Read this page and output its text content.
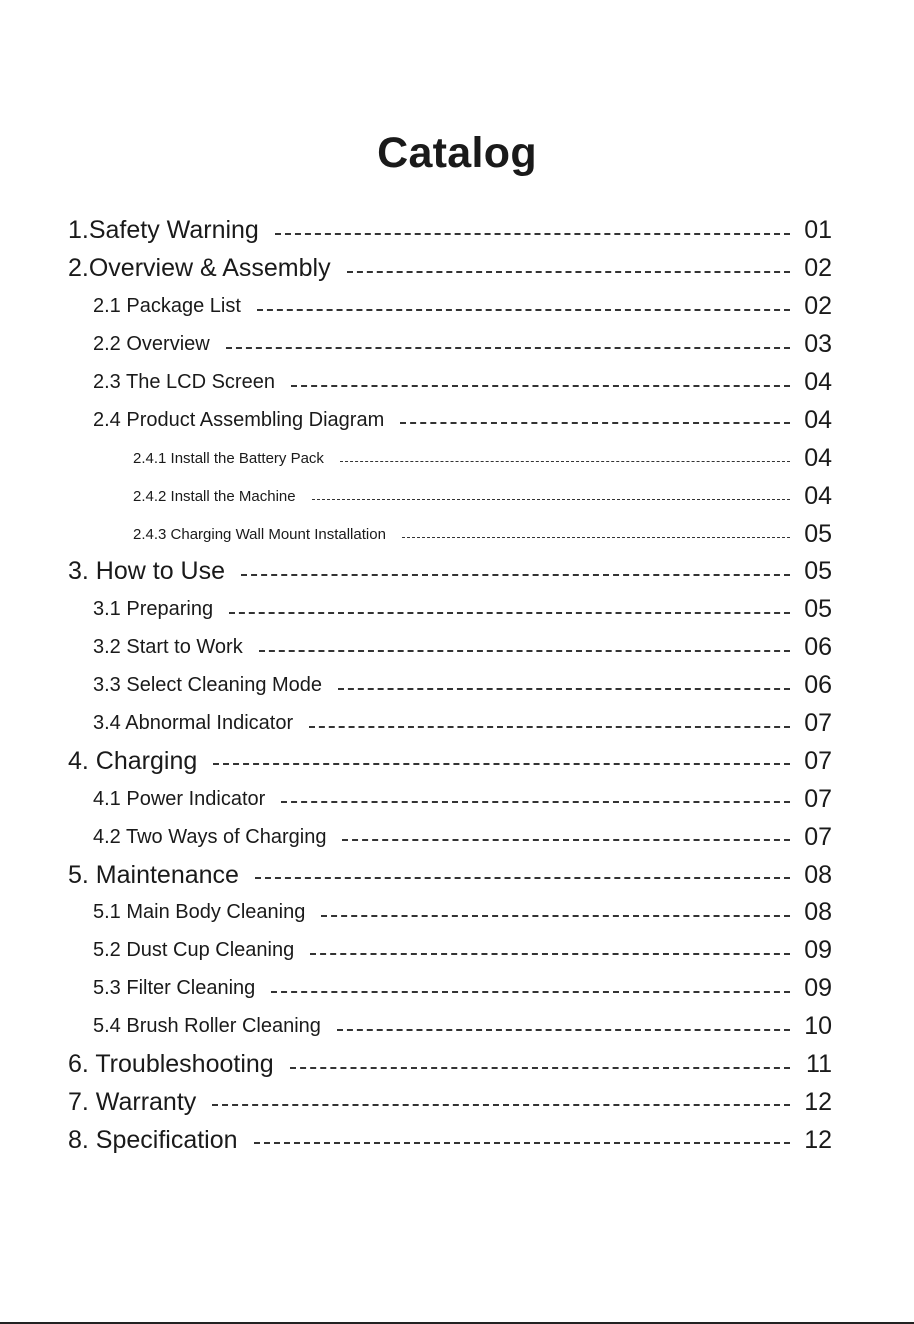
Catalog
1.Safety Warning	01
2.Overview & Assembly	02
2.1 Package List	02
2.2 Overview	03
2.3 The LCD Screen	04
2.4 Product Assembling Diagram	04
2.4.1 Install the Battery Pack	04
2.4.2 Install the Machine	04
2.4.3 Charging Wall Mount Installation	05
3. How to Use	05
3.1 Preparing	05
3.2 Start to Work	06
3.3 Select Cleaning Mode	06
3.4 Abnormal Indicator	07
4. Charging	07
4.1 Power Indicator	07
4.2 Two Ways of Charging	07
5. Maintenance	08
5.1 Main Body Cleaning	08
5.2 Dust Cup Cleaning	09
5.3 Filter Cleaning	09
5.4 Brush Roller Cleaning	10
6. Troubleshooting	11
7. Warranty	12
8. Specification	12
